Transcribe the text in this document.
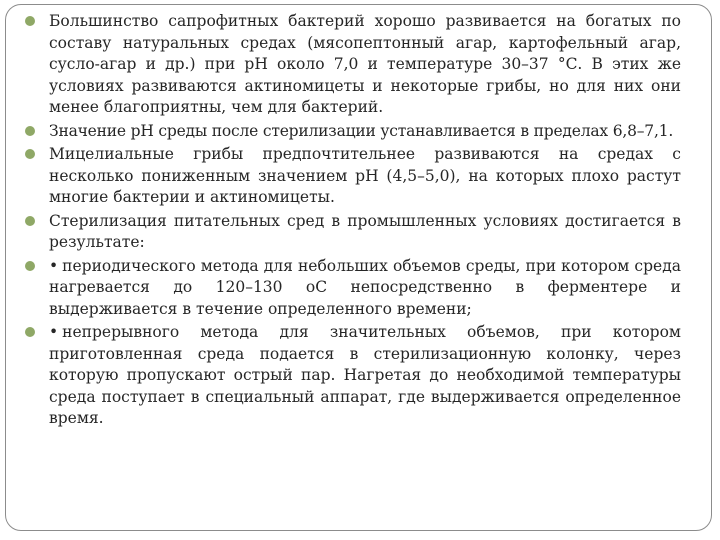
Большинство сапрофитных бактерий хорошо развивается на богатых по составу натуральных средах (мясопептонный агар, картофельный агар, сусло-агар и др.) при рН около 7,0 и температуре 30–37 °С. В этих же условиях развиваются актиномицеты и некоторые грибы, но для них они менее благоприятны, чем для бактерий.
Значение рН среды после стерилизации устанавливается в пределах 6,8–7,1.
Мицелиальные грибы предпочтительнее развиваются на средах с несколько пониженным значением рН (4,5–5,0), на которых плохо растут многие бактерии и актиномицеты.
Стерилизация питательных сред в промышленных условиях достигается в результате:
• периодического метода для небольших объемов среды, при котором среда нагревается до 120–130 оС непосредственно в ферментере и выдерживается в течение определенного времени;
• непрерывного метода для значительных объемов, при котором приготовленная среда подается в стерилизационную колонку, через которую пропускают острый пар. Нагретая до необходимой температуры среда поступает в специальный аппарат, где выдерживается определенное время.
